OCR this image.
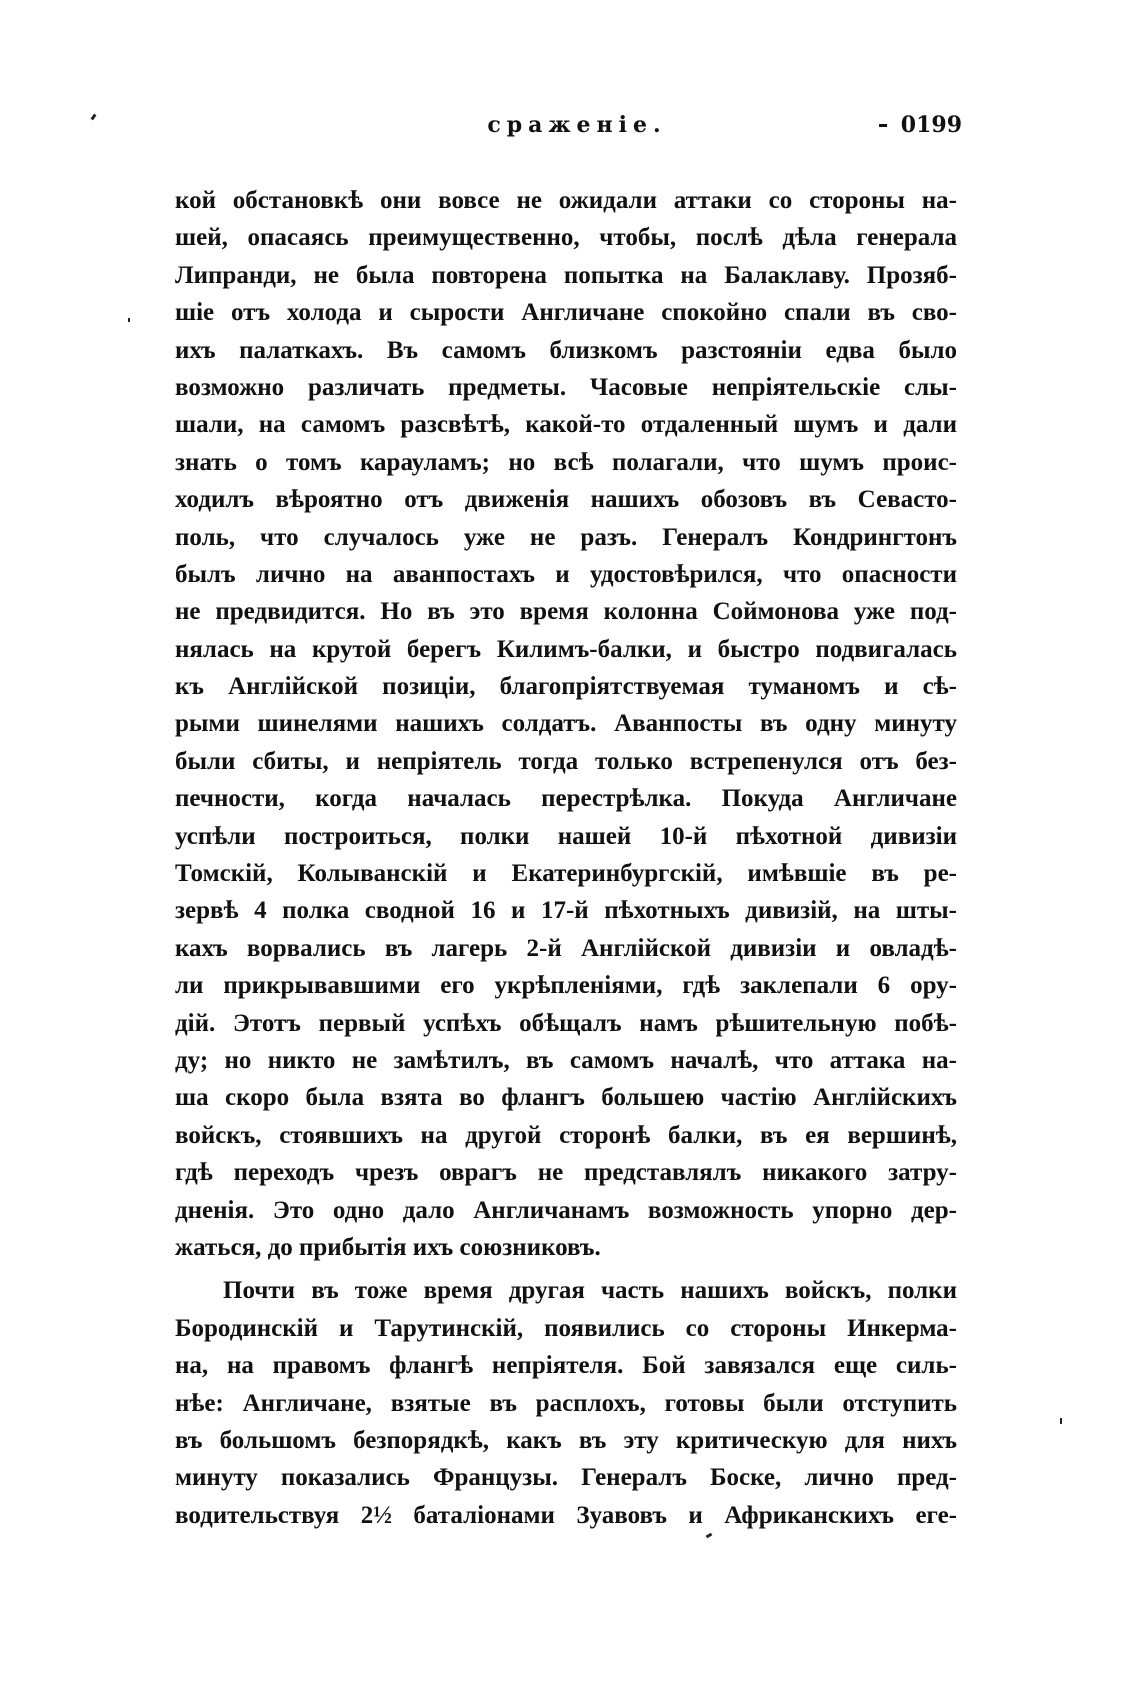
сраженіе.	0199
кой обстановкѣ они вовсе не ожидали аттаки со стороны на-
шей, опасаясь преимущественно, чтобы, послѣ дѣла генерала
Липранди, не была повторена попытка на Балаклаву. Прозяб-
шіе отъ холода и сырости Англичане спокойно спали въ сво-
ихъ палаткахъ. Въ самомъ близкомъ разстояніи едва было
возможно различать предметы. Часовые непріятельскіе слы-
шали, на самомъ разсвѣтѣ, какой-то отдаленный шумъ и дали
знать о томъ карауламъ; но всѣ полагали, что шумъ проис-
ходилъ вѣроятно отъ движенія нашихъ обозовъ въ Севасто-
поль, что случалось уже не разъ. Генералъ Кондрингтонъ
былъ лично на аванпостахъ и удостовѣрился, что опасности
не предвидится. Но въ это время колонна Соймонова уже под-
нялась на крутой берегъ Килимъ-балки, и быстро подвигалась
къ Англійской позиціи, благопріятствуемая туманомъ и сѣ-
рыми шинелями нашихъ солдатъ. Аванпосты въ одну минуту
были сбиты, и непріятель тогда только встрепенулся отъ без-
печности, когда началась перестрѣлка. Покуда Англичане
успѣли построиться, полки нашей 10-й пѣхотной дивизіи
Томскій, Колыванскій и Екатеринбургскій, имѣвшіе въ ре-
зервѣ 4 полка сводной 16 и 17-й пѣхотныхъ дивизій, на шты-
кахъ ворвались въ лагерь 2-й Англійской дивизіи и овладѣ-
ли прикрывавшими его укрѣпленіями, гдѣ заклепали 6 ору-
дій. Этотъ первый успѣхъ обѣщалъ намъ рѣшительную побѣ-
ду; но никто не замѣтилъ, въ самомъ началѣ, что аттака на-
ша скоро была взята во флангъ большею частію Англійскихъ
войскъ, стоявшихъ на другой сторонѣ балки, въ ея вершинѣ,
гдѣ переходъ чрезъ оврагъ не представлялъ никакого затру-
дненія. Это одно дало Англичанамъ возможность упорно дер-
жаться, до прибытія ихъ союзниковъ.
Почти въ тоже время другая часть нашихъ войскъ, полки
Бородинскій и Тарутинскій, появились со стороны Инкерма-
на, на правомъ флангѣ непріятеля. Бой завязался еще силь-
нѣе: Англичане, взятые въ расплохъ, готовы были отступить
въ большомъ безпорядкѣ, какъ въ эту критическую для нихъ
минуту показались Французы. Генералъ Боске, лично пред-
водительствуя 2½ баталіонами Зуавовъ и Африканскихъ еге-
